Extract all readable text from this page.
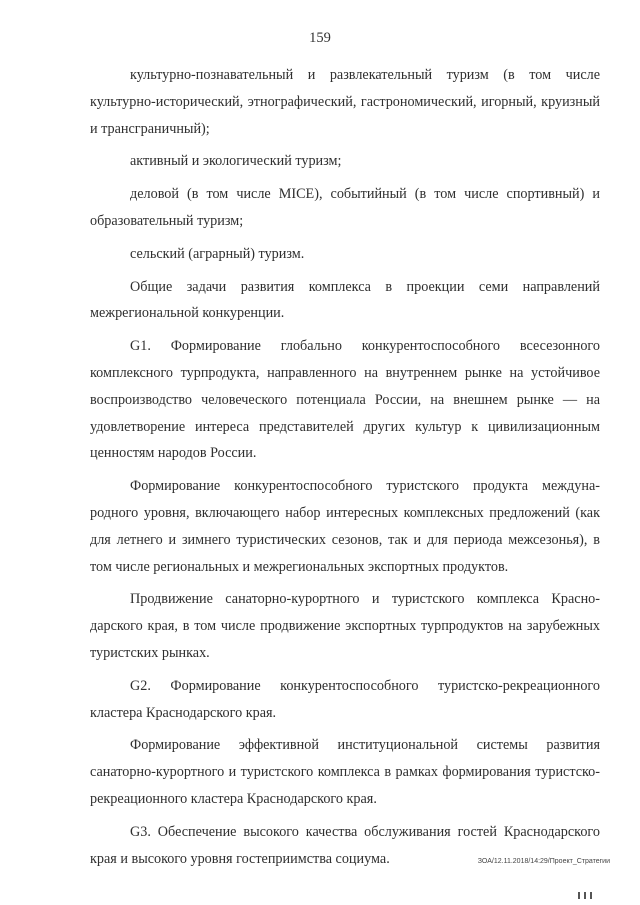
159

культурно-познавательный и развлекательный туризм (в том числе культурно-исторический, этнографический, гастрономический, игорный, круизный и трансграничный);

активный и экологический туризм;

деловой (в том числе MICE), событийный (в том числе спортивный) и образовательный туризм;

сельский (аграрный) туризм.

Общие задачи развития комплекса в проекции семи направлений межрегиональной конкуренции.

G1. Формирование глобально конкурентоспособного всесезонного комплексного турпродукта, направленного на внутреннем рынке на устойчивое воспроизводство человеческого потенциала России, на внешнем рынке — на удовлетворение интереса представителей других культур к цивилизационным ценностям народов России.

Формирование конкурентоспособного туристского продукта международного уровня, включающего набор интересных комплексных предложений (как для летнего и зимнего туристических сезонов, так и для периода межсезонья), в том числе региональных и межрегиональных экспортных продуктов.

Продвижение санаторно-курортного и туристского комплекса Краснодарского края, в том числе продвижение экспортных турпродуктов на зарубежных туристских рынках.

G2. Формирование конкурентоспособного туристско-рекреационного кластера Краснодарского края.

Формирование эффективной институциональной системы развития санаторно-курортного и туристского комплекса в рамках формирования туристско-рекреационного кластера Краснодарского края.

G3. Обеспечение высокого качества обслуживания гостей Краснодарского края и высокого уровня гостеприимства социума.	ЗОА/12.11.2018/14:29/Проект_Стратегии
